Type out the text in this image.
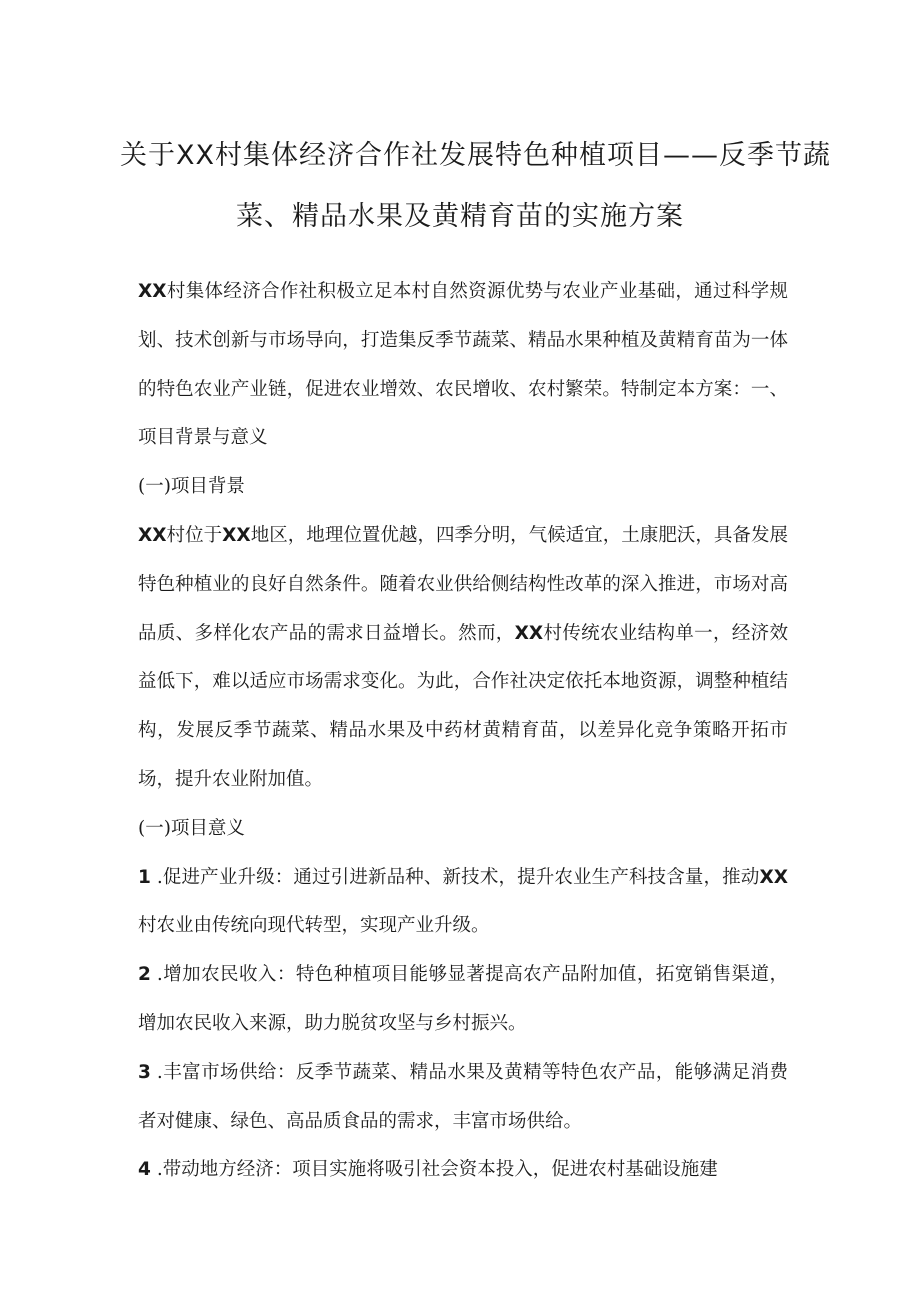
关于XX村集体经济合作社发展特色种植项目——反季节蔬
菜、精品水果及黄精育苗的实施方案

XX村集体经济合作社积极立足本村自然资源优势与农业产业基础，通过科学规划、技术创新与市场导向，打造集反季节蔬菜、精品水果种植及黄精育苗为一体的特色农业产业链，促进农业增效、农民增收、农村繁荣。特制定本方案：一、项目背景与意义

(一)项目背景

XX村位于XX地区，地理位置优越，四季分明，气候适宜，土康肥沃，具备发展特色种植业的良好自然条件。随着农业供给侧结构性改革的深入推进，市场对高品质、多样化农产品的需求日益增长。然而，XX村传统农业结构单一，经济效益低下，难以适应市场需求变化。为此，合作社决定依托本地资源，调整种植结构，发展反季节蔬菜、精品水果及中药材黄精育苗，以差异化竞争策略开拓市场，提升农业附加值。

(一)项目意义

1 .促进产业升级：通过引进新品种、新技术，提升农业生产科技含量，推动XX村农业由传统向现代转型，实现产业升级。

2 .增加农民收入：特色种植项目能够显著提高农产品附加值，拓宽销售渠道，增加农民收入来源，助力脱贫攻坚与乡村振兴。

3 .丰富市场供给：反季节蔬菜、精品水果及黄精等特色农产品，能够满足消费者对健康、绿色、高品质食品的需求，丰富市场供给。

4 .带动地方经济：项目实施将吸引社会资本投入，促进农村基础设施建
